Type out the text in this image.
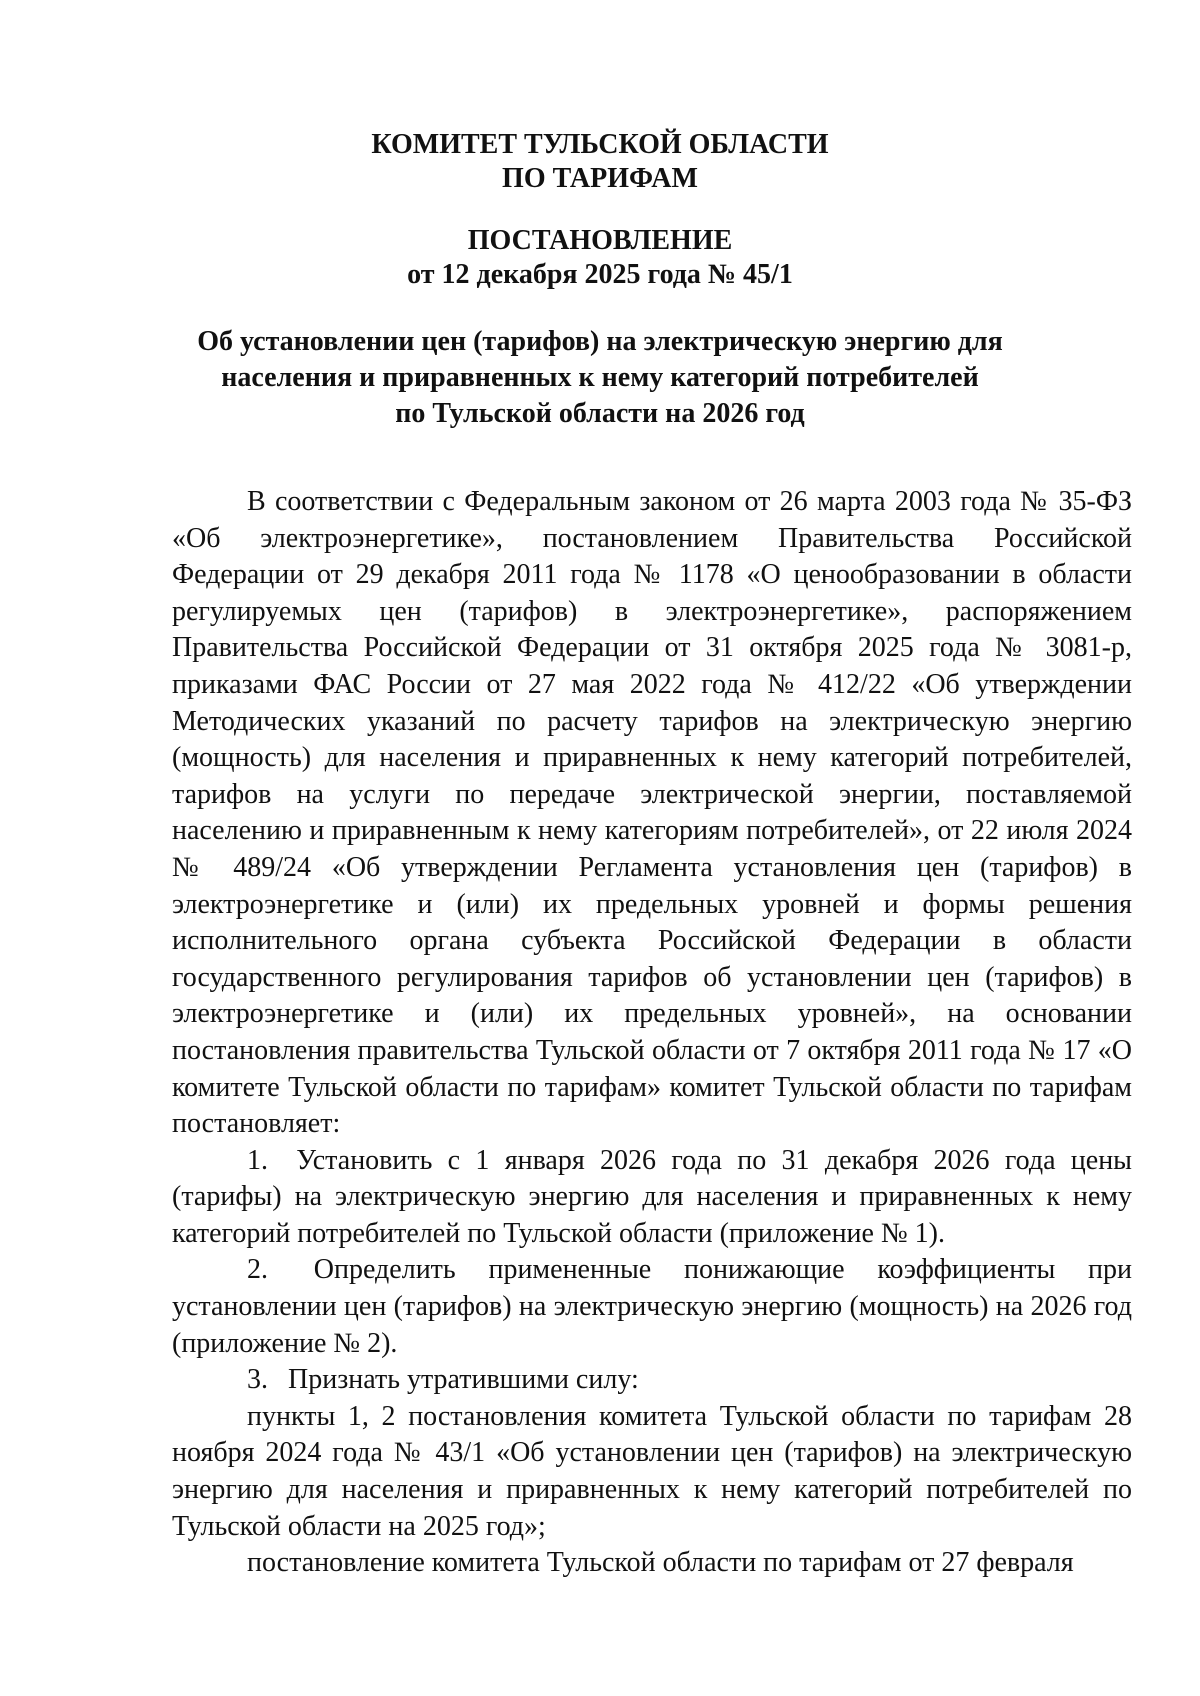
КОМИТЕТ ТУЛЬСКОЙ ОБЛАСТИ
ПО ТАРИФАМ
ПОСТАНОВЛЕНИЕ
от 12 декабря 2025 года № 45/1
Об установлении цен (тарифов) на электрическую энергию для
населения и приравненных к нему категорий потребителей
по Тульской области на 2026 год

В соответствии с Федеральным законом от 26 марта 2003 года № 35-ФЗ «Об электроэнергетике», постановлением Правительства Российской Федерации от 29 декабря 2011 года № 1178 «О ценообразовании в области регулируемых цен (тарифов) в электроэнергетике», распоряжением Правительства Российской Федерации от 31 октября 2025 года № 3081-р, приказами ФАС России от 27 мая 2022 года № 412/22 «Об утверждении Методических указаний по расчету тарифов на электрическую энергию (мощность) для населения и приравненных к нему категорий потребителей, тарифов на услуги по передаче электрической энергии, поставляемой населению и приравненным к нему категориям потребителей», от 22 июля 2024 № 489/24 «Об утверждении Регламента установления цен (тарифов) в электроэнергетике и (или) их предельных уровней и формы решения исполнительного органа субъекта Российской Федерации в области государственного регулирования тарифов об установлении цен (тарифов) в электроэнергетике и (или) их предельных уровней», на основании постановления правительства Тульской области от 7 октября 2011 года № 17 «О комитете Тульской области по тарифам» комитет Тульской области по тарифам постановляет:

1. Установить с 1 января 2026 года по 31 декабря 2026 года цены (тарифы) на электрическую энергию для населения и приравненных к нему категорий потребителей по Тульской области (приложение № 1).

2. Определить примененные понижающие коэффициенты при установлении цен (тарифов) на электрическую энергию (мощность) на 2026 год (приложение № 2).

3. Признать утратившими силу:

пункты 1, 2 постановления комитета Тульской области по тарифам 28 ноября 2024 года № 43/1 «Об установлении цен (тарифов) на электрическую энергию для населения и приравненных к нему категорий потребителей по Тульской области на 2025 год»;

постановление комитета Тульской области по тарифам от 27 февраля
